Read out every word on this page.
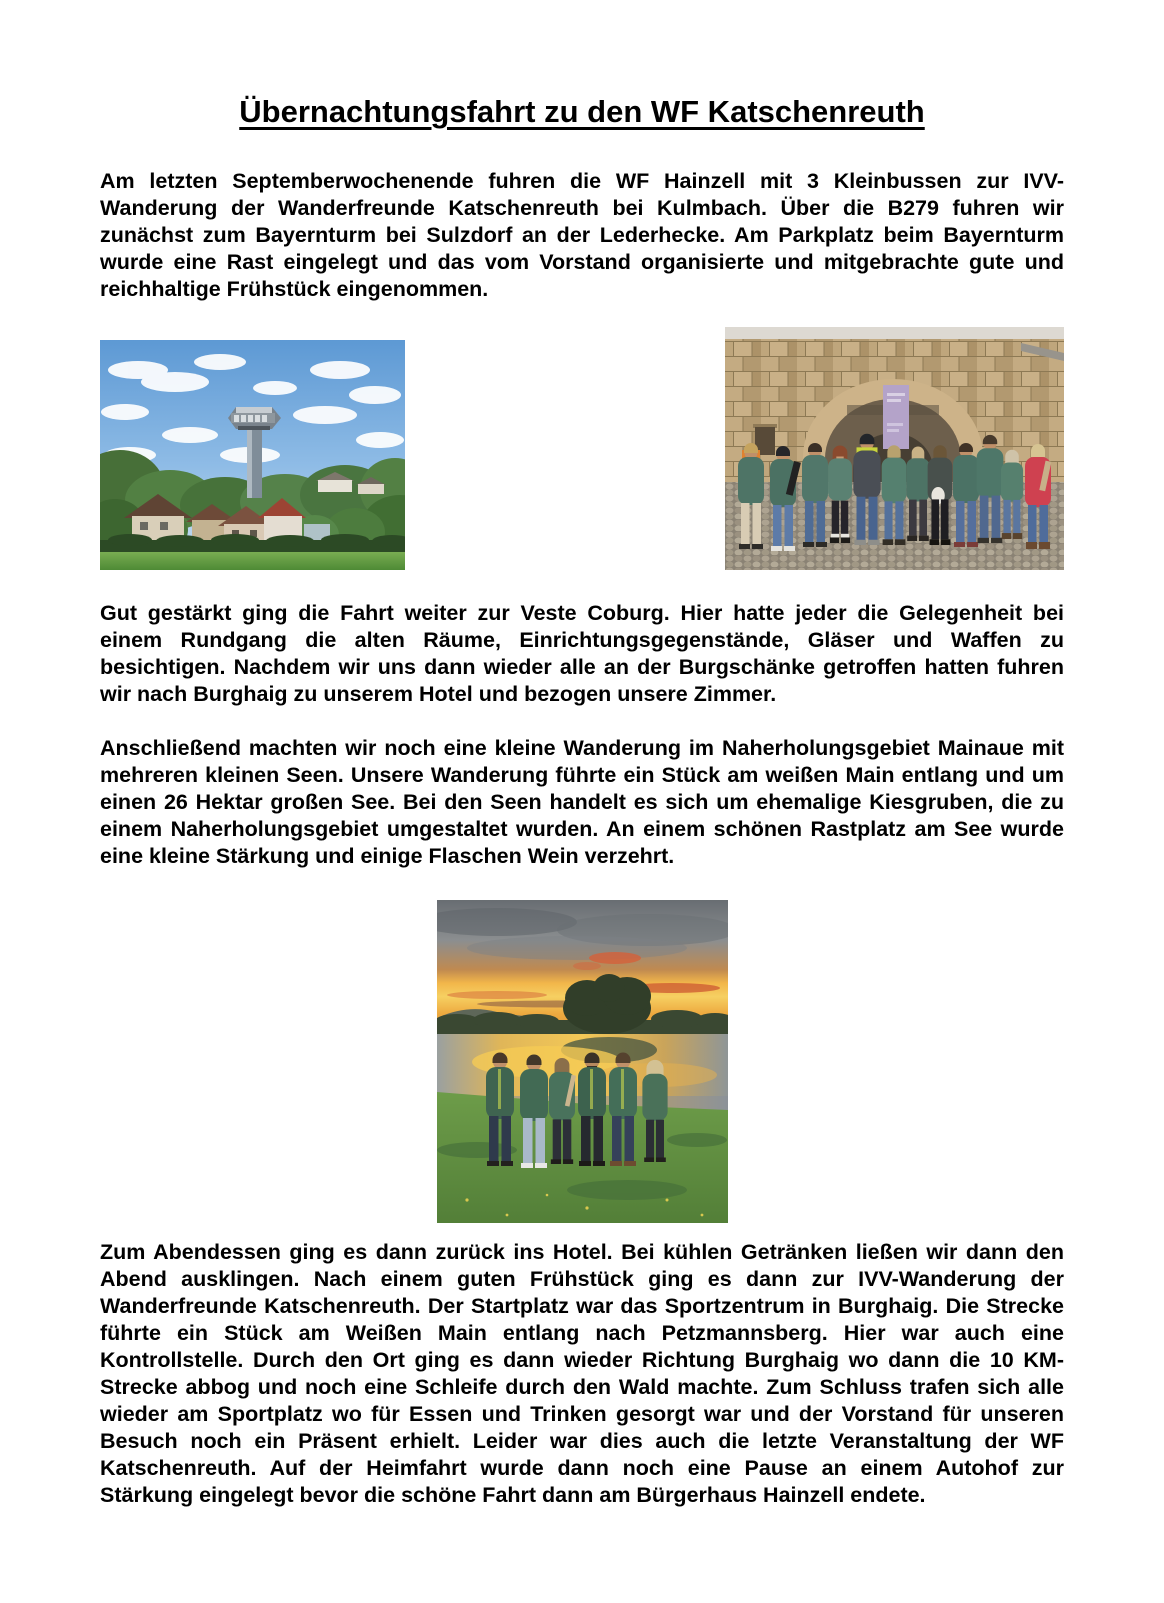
Übernachtungsfahrt zu den WF Katschenreuth

Am letzten Septemberwochenende fuhren die WF Hainzell mit 3 Kleinbussen zur IVV-Wanderung der Wanderfreunde Katschenreuth bei Kulmbach. Über die B279 fuhren wir zunächst zum Bayernturm bei Sulzdorf an der Lederhecke. Am Parkplatz beim Bayernturm wurde eine Rast eingelegt und das vom Vorstand organisierte und mitgebrachte gute und reichhaltige Frühstück eingenommen.

Gut gestärkt ging die Fahrt weiter zur Veste Coburg. Hier hatte jeder die Gelegenheit bei einem Rundgang die alten Räume, Einrichtungsgegenstände, Gläser und Waffen zu besichtigen. Nachdem wir uns dann wieder alle an der Burgschänke getroffen hatten fuhren wir nach Burghaig zu unserem Hotel und bezogen unsere Zimmer.

Anschließend machten wir noch eine kleine Wanderung im Naherholungsgebiet Mainaue mit mehreren kleinen Seen. Unsere Wanderung führte ein Stück am weißen Main entlang und um einen 26 Hektar großen See. Bei den Seen handelt es sich um ehemalige Kiesgruben, die zu einem Naherholungsgebiet umgestaltet wurden. An einem schönen Rastplatz am See wurde eine kleine Stärkung und einige Flaschen Wein verzehrt.

Zum Abendessen ging es dann zurück ins Hotel. Bei kühlen Getränken ließen wir dann den Abend ausklingen. Nach einem guten Frühstück ging es dann zur IVV-Wanderung der Wanderfreunde Katschenreuth. Der Startplatz war das Sportzentrum in Burghaig. Die Strecke führte ein Stück am Weißen Main entlang nach Petzmannsberg. Hier war auch eine Kontrollstelle. Durch den Ort ging es dann wieder Richtung Burghaig wo dann die 10 KM-Strecke abbog und noch eine Schleife durch den Wald machte. Zum Schluss trafen sich alle wieder am Sportplatz wo für Essen und Trinken gesorgt war und der Vorstand für unseren Besuch noch ein Präsent erhielt. Leider war dies auch die letzte Veranstaltung der WF Katschenreuth. Auf der Heimfahrt wurde dann noch eine Pause an einem Autohof zur Stärkung eingelegt bevor die schöne Fahrt dann am Bürgerhaus Hainzell endete.
